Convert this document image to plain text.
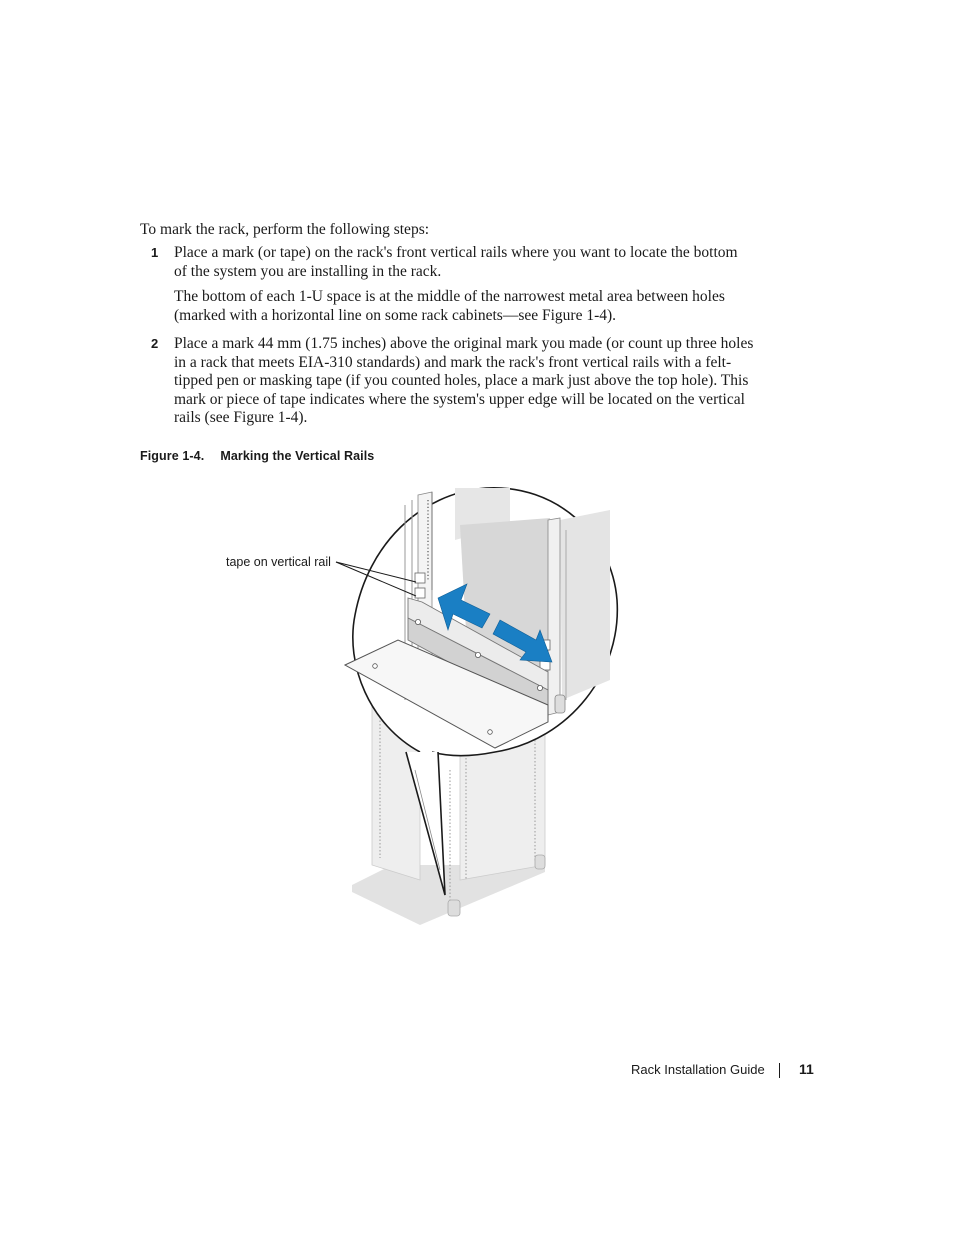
To mark the rack, perform the following steps:
1 Place a mark (or tape) on the rack's front vertical rails where you want to locate the bottom
of the system you are installing in the rack.
The bottom of each 1-U space is at the middle of the narrowest metal area between holes
(marked with a horizontal line on some rack cabinets—see Figure 1-4).
2 Place a mark 44 mm (1.75 inches) above the original mark you made (or count up three holes
in a rack that meets EIA-310 standards) and mark the rack's front vertical rails with a felt-
tipped pen or masking tape (if you counted holes, place a mark just above the top hole). This
mark or piece of tape indicates where the system's upper edge will be located on the vertical
rails (see Figure 1-4).
Figure 1-4. Marking the Vertical Rails
tape on vertical rail
Rack Installation Guide 11
